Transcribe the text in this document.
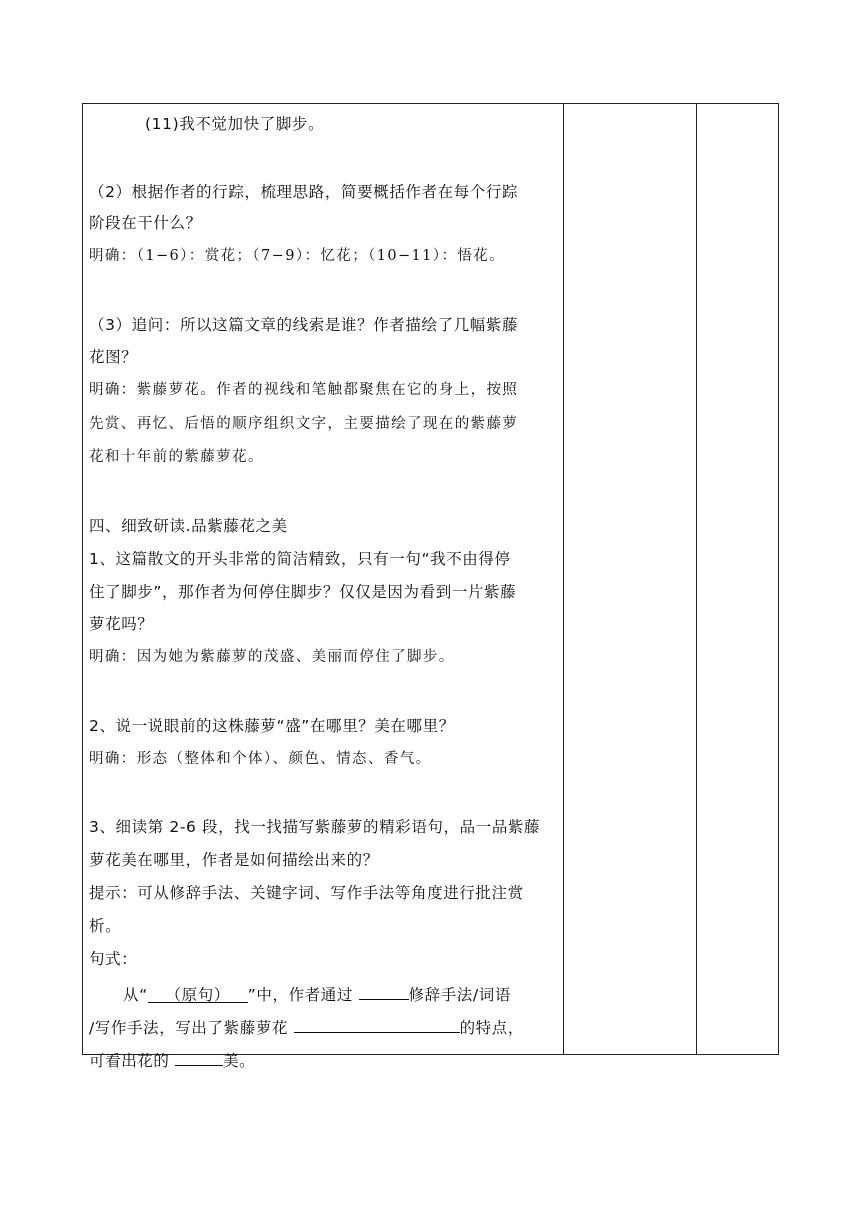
(11)我不觉加快了脚步。
（2）根据作者的行踪，梳理思路，简要概括作者在每个行踪
阶段在干什么？
明确：（1−6）：赏花；（7−9）：忆花；（10−11）：悟花。
（3）追问：所以这篇文章的线索是谁？作者描绘了几幅紫藤
花图？
明确：紫藤萝花。作者的视线和笔触都聚焦在它的身上，按照
先赏、再忆、后悟的顺序组织文字，主要描绘了现在的紫藤萝
花和十年前的紫藤萝花。
四、细致研读.品紫藤花之美
1、这篇散文的开头非常的简洁精致，只有一句“我不由得停
住了脚步”，那作者为何停住脚步？仅仅是因为看到一片紫藤
萝花吗？
明确：因为她为紫藤萝的茂盛、美丽而停住了脚步。
2、说一说眼前的这株藤萝“盛”在哪里？美在哪里？
明确：形态（整体和个体）、颜色、情态、香气。
3、细读第 2-6 段，找一找描写紫藤萝的精彩语句，品一品紫藤
萝花美在哪里，作者是如何描绘出来的？
提示：可从修辞手法、关键字词、写作手法等角度进行批注赏
析。
句式：
从“ （原句） ”中，作者通过	修辞手法/词语
/写作手法，写出了紫藤萝花	的特点，
可看出花的	美。
